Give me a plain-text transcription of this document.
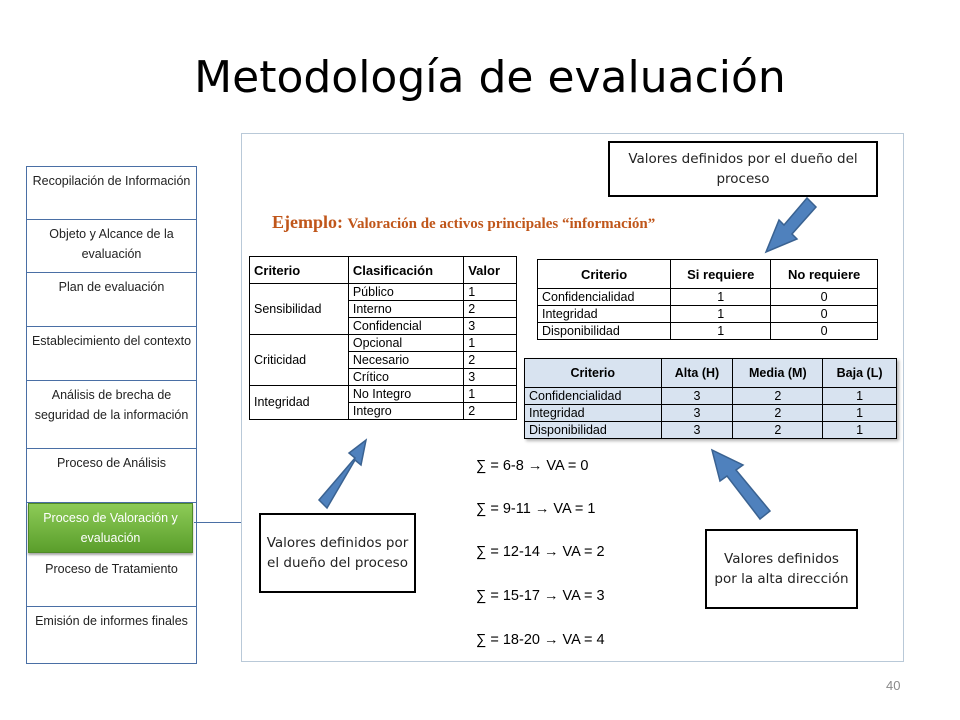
Metodología de evaluación
Recopilación de Información
Objeto y Alcance de la evaluación
Plan de evaluación
Establecimiento del contexto
Análisis de brecha de seguridad de la información
Proceso de Análisis
Proceso de Valoración y evaluación
Proceso de Tratamiento
Emisión de informes finales
Ejemplo: Valoración de activos principales “información”
Criterio	Clasificación	Valor
Sensibilidad	Público	1
	Interno	2
	Confidencial	3
Criticidad	Opcional	1
	Necesario	2
	Crítico	3
Integridad	No Integro	1
	Integro	2
Criterio	Si requiere	No requiere
Confidencialidad	1	0
Integridad	1	0
Disponibilidad	1	0
Criterio	Alta (H)	Media (M)	Baja (L)
Confidencialidad	3	2	1
Integridad	3	2	1
Disponibilidad	3	2	1
∑ = 6-8 → VA = 0
∑ = 9-11 → VA = 1
∑ = 12-14 → VA = 2
∑ = 15-17 → VA = 3
∑ = 18-20 → VA = 4
Valores definidos por el dueño del proceso
Valores definidos por el dueño del proceso	Valores definidos por la alta dirección
40
